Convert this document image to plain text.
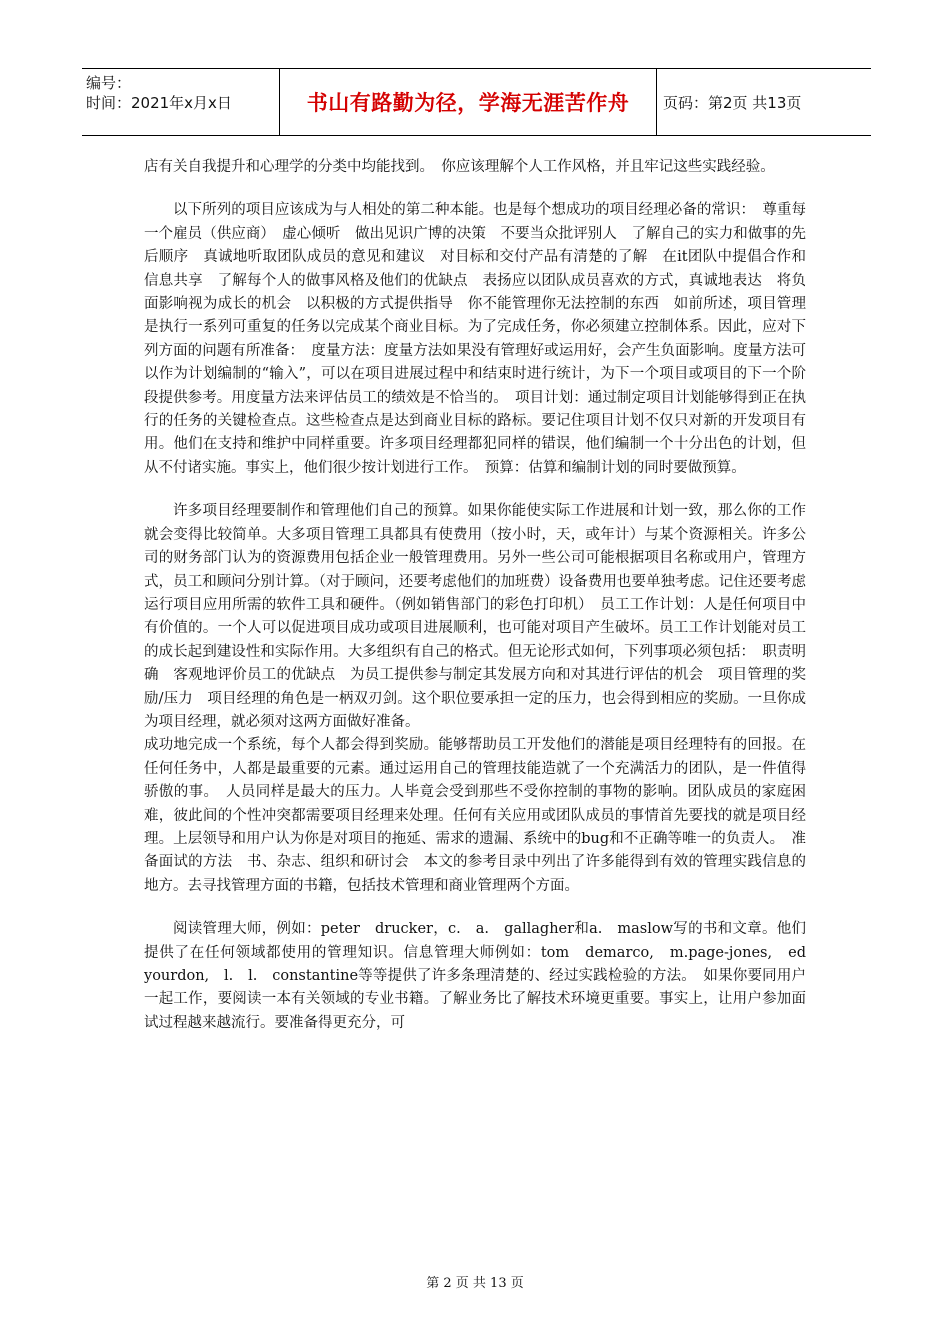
编号：
时间：2021年x月x日	书山有路勤为径，学海无涯苦作舟	页码：第2页 共13页

店有关自我提升和心理学的分类中均能找到。　你应该理解个人工作风格，并且牢记这些实践经验。

以下所列的项目应该成为与人相处的第二种本能。也是每个想成功的项目经理必备的常识：　尊重每一个雇员（供应商）　虚心倾听　做出见识广博的决策　不要当众批评别人　了解自己的实力和做事的先后顺序　真诚地听取团队成员的意见和建议　对目标和交付产品有清楚的了解　在it团队中提倡合作和信息共享　了解每个人的做事风格及他们的优缺点　表扬应以团队成员喜欢的方式，真诚地表达　将负面影响视为成长的机会　以积极的方式提供指导　你不能管理你无法控制的东西　如前所述，项目管理是执行一系列可重复的任务以完成某个商业目标。为了完成任务，你必须建立控制体系。因此，应对下列方面的问题有所准备：　度量方法：度量方法如果没有管理好或运用好，会产生负面影响。度量方法可以作为计划编制的“输入”，可以在项目进展过程中和结束时进行统计，为下一个项目或项目的下一个阶段提供参考。用度量方法来评估员工的绩效是不恰当的。　项目计划：通过制定项目计划能够得到正在执行的任务的关键检查点。这些检查点是达到商业目标的路标。要记住项目计划不仅只对新的开发项目有用。他们在支持和维护中同样重要。许多项目经理都犯同样的错误，他们编制一个十分出色的计划，但从不付诸实施。事实上，他们很少按计划进行工作。　预算：估算和编制计划的同时要做预算。

许多项目经理要制作和管理他们自己的预算。如果你能使实际工作进展和计划一致，那么你的工作就会变得比较简单。大多项目管理工具都具有使费用（按小时，天，或年计）与某个资源相关。许多公司的财务部门认为的资源费用包括企业一般管理费用。另外一些公司可能根据项目名称或用户，管理方式，员工和顾问分别计算。（对于顾问，还要考虑他们的加班费）设备费用也要单独考虑。记住还要考虑运行项目应用所需的软件工具和硬件。（例如销售部门的彩色打印机）　员工工作计划：人是任何项目中有价值的。一个人可以促进项目成功或项目进展顺利，也可能对项目产生破坏。员工工作计划能对员工的成长起到建设性和实际作用。大多组织有自己的格式。但无论形式如何，下列事项必须包括：　职责明确　客观地评价员工的优缺点　为员工提供参与制定其发展方向和对其进行评估的机会　项目管理的奖励/压力　项目经理的角色是一柄双刃剑。这个职位要承担一定的压力，也会得到相应的奖励。一旦你成为项目经理，就必须对这两方面做好准备。

成功地完成一个系统，每个人都会得到奖励。能够帮助员工开发他们的潜能是项目经理特有的回报。在任何任务中，人都是最重要的元素。通过运用自己的管理技能造就了一个充满活力的团队，是一件值得骄傲的事。　人员同样是最大的压力。人毕竟会受到那些不受你控制的事物的影响。团队成员的家庭困难，彼此间的个性冲突都需要项目经理来处理。任何有关应用或团队成员的事情首先要找的就是项目经理。上层领导和用户认为你是对项目的拖延、需求的遗漏、系统中的bug和不正确等唯一的负责人。　准备面试的方法　书、杂志、组织和研讨会　本文的参考目录中列出了许多能得到有效的管理实践信息的地方。去寻找管理方面的书籍，包括技术管理和商业管理两个方面。

阅读管理大师，例如：peter　drucker，c.　a.　gallagher和a.　maslow写的书和文章。他们提供了在任何领域都使用的管理知识。信息管理大师例如：tom　demarco,　m.page-jones,　ed　yourdon,　l.　l.　constantine等等提供了许多条理清楚的、经过实践检验的方法。　如果你要同用户一起工作，要阅读一本有关领域的专业书籍。了解业务比了解技术环境更重要。事实上，让用户参加面试过程越来越流行。要准备得更充分，可

第 2 页 共 13 页
